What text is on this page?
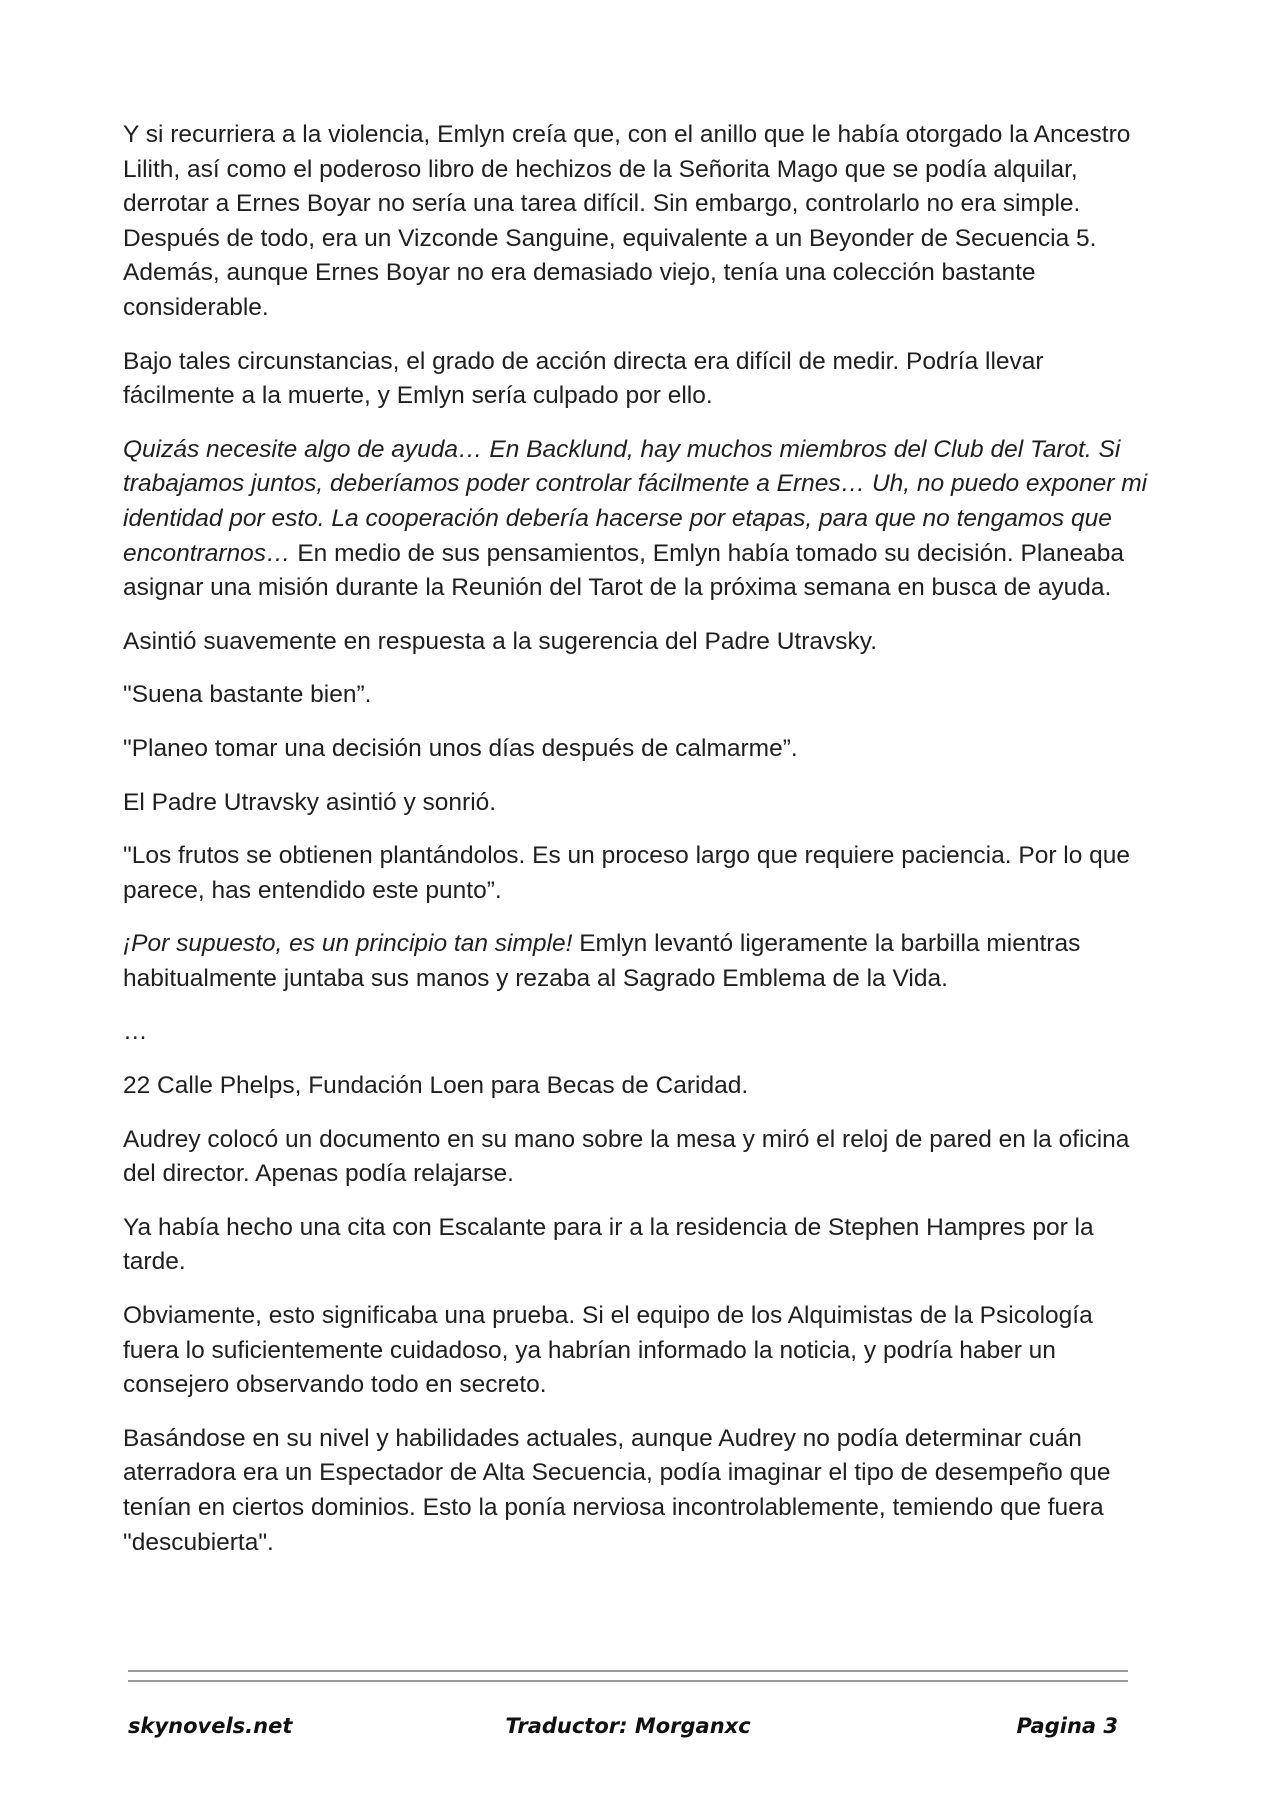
Y si recurriera a la violencia, Emlyn creía que, con el anillo que le había otorgado la Ancestro Lilith, así como el poderoso libro de hechizos de la Señorita Mago que se podía alquilar, derrotar a Ernes Boyar no sería una tarea difícil. Sin embargo, controlarlo no era simple. Después de todo, era un Vizconde Sanguine, equivalente a un Beyonder de Secuencia 5. Además, aunque Ernes Boyar no era demasiado viejo, tenía una colección bastante considerable.

Bajo tales circunstancias, el grado de acción directa era difícil de medir. Podría llevar fácilmente a la muerte, y Emlyn sería culpado por ello.

Quizás necesite algo de ayuda… En Backlund, hay muchos miembros del Club del Tarot. Si trabajamos juntos, deberíamos poder controlar fácilmente a Ernes… Uh, no puedo exponer mi identidad por esto. La cooperación debería hacerse por etapas, para que no tengamos que encontrarnos… En medio de sus pensamientos, Emlyn había tomado su decisión. Planeaba asignar una misión durante la Reunión del Tarot de la próxima semana en busca de ayuda.

Asintió suavemente en respuesta a la sugerencia del Padre Utravsky.

"Suena bastante bien”.

"Planeo tomar una decisión unos días después de calmarme”.

El Padre Utravsky asintió y sonrió.

"Los frutos se obtienen plantándolos. Es un proceso largo que requiere paciencia. Por lo que parece, has entendido este punto”.

¡Por supuesto, es un principio tan simple! Emlyn levantó ligeramente la barbilla mientras habitualmente juntaba sus manos y rezaba al Sagrado Emblema de la Vida.

…

22 Calle Phelps, Fundación Loen para Becas de Caridad.

Audrey colocó un documento en su mano sobre la mesa y miró el reloj de pared en la oficina del director. Apenas podía relajarse.

Ya había hecho una cita con Escalante para ir a la residencia de Stephen Hampres por la tarde.

Obviamente, esto significaba una prueba. Si el equipo de los Alquimistas de la Psicología fuera lo suficientemente cuidadoso, ya habrían informado la noticia, y podría haber un consejero observando todo en secreto.

Basándose en su nivel y habilidades actuales, aunque Audrey no podía determinar cuán aterradora era un Espectador de Alta Secuencia, podía imaginar el tipo de desempeño que tenían en ciertos dominios. Esto la ponía nerviosa incontrolablemente, temiendo que fuera "descubierta".

skynovels.net	Traductor: Morganxc	Pagina 3
